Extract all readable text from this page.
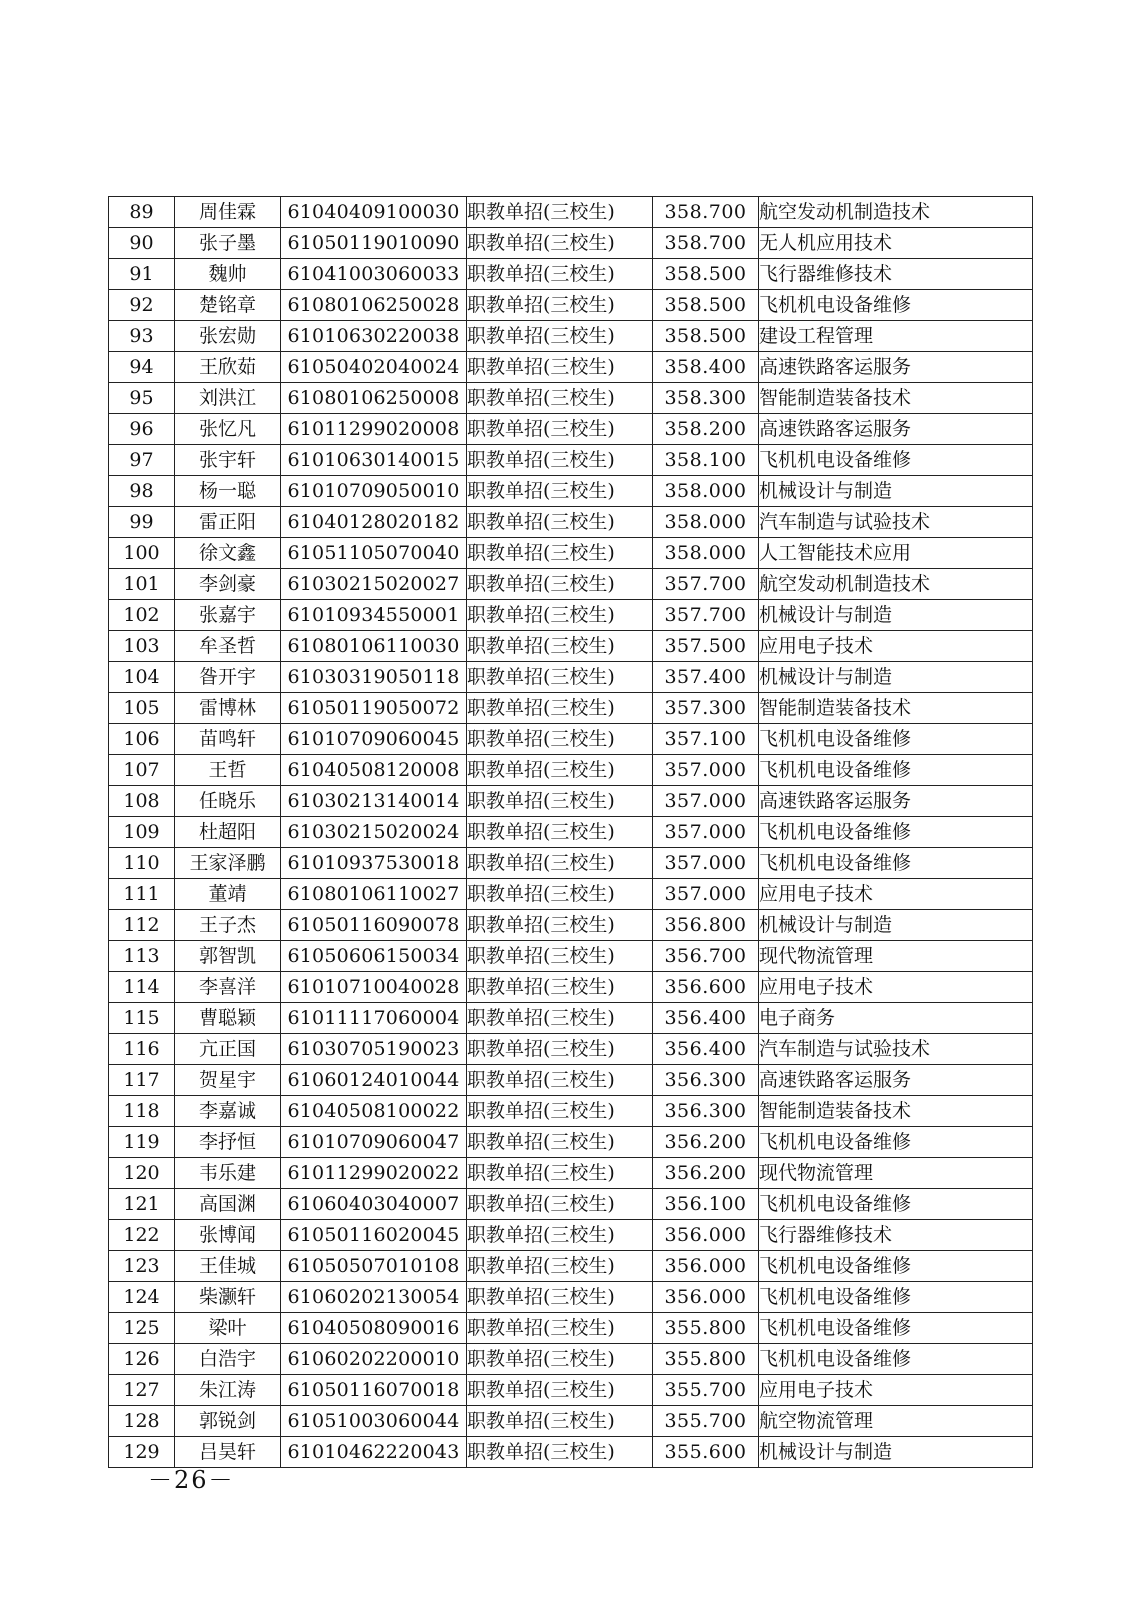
89	周佳霖	61040409100030	职教单招(三校生)	358.700	航空发动机制造技术
90	张子墨	61050119010090	职教单招(三校生)	358.700	无人机应用技术
91	魏帅	61041003060033	职教单招(三校生)	358.500	飞行器维修技术
92	楚铭章	61080106250028	职教单招(三校生)	358.500	飞机机电设备维修
93	张宏勋	61010630220038	职教单招(三校生)	358.500	建设工程管理
94	王欣茹	61050402040024	职教单招(三校生)	358.400	高速铁路客运服务
95	刘洪江	61080106250008	职教单招(三校生)	358.300	智能制造装备技术
96	张忆凡	61011299020008	职教单招(三校生)	358.200	高速铁路客运服务
97	张宇轩	61010630140015	职教单招(三校生)	358.100	飞机机电设备维修
98	杨一聪	61010709050010	职教单招(三校生)	358.000	机械设计与制造
99	雷正阳	61040128020182	职教单招(三校生)	358.000	汽车制造与试验技术
100	徐文鑫	61051105070040	职教单招(三校生)	358.000	人工智能技术应用
101	李剑豪	61030215020027	职教单招(三校生)	357.700	航空发动机制造技术
102	张嘉宇	61010934550001	职教单招(三校生)	357.700	机械设计与制造
103	牟圣哲	61080106110030	职教单招(三校生)	357.500	应用电子技术
104	昝开宇	61030319050118	职教单招(三校生)	357.400	机械设计与制造
105	雷博林	61050119050072	职教单招(三校生)	357.300	智能制造装备技术
106	苗鸣轩	61010709060045	职教单招(三校生)	357.100	飞机机电设备维修
107	王哲	61040508120008	职教单招(三校生)	357.000	飞机机电设备维修
108	任晓乐	61030213140014	职教单招(三校生)	357.000	高速铁路客运服务
109	杜超阳	61030215020024	职教单招(三校生)	357.000	飞机机电设备维修
110	王家泽鹏	61010937530018	职教单招(三校生)	357.000	飞机机电设备维修
111	董靖	61080106110027	职教单招(三校生)	357.000	应用电子技术
112	王子杰	61050116090078	职教单招(三校生)	356.800	机械设计与制造
113	郭智凯	61050606150034	职教单招(三校生)	356.700	现代物流管理
114	李喜洋	61010710040028	职教单招(三校生)	356.600	应用电子技术
115	曹聪颖	61011117060004	职教单招(三校生)	356.400	电子商务
116	亢正国	61030705190023	职教单招(三校生)	356.400	汽车制造与试验技术
117	贺星宇	61060124010044	职教单招(三校生)	356.300	高速铁路客运服务
118	李嘉诚	61040508100022	职教单招(三校生)	356.300	智能制造装备技术
119	李抒恒	61010709060047	职教单招(三校生)	356.200	飞机机电设备维修
120	韦乐建	61011299020022	职教单招(三校生)	356.200	现代物流管理
121	高国渊	61060403040007	职教单招(三校生)	356.100	飞机机电设备维修
122	张博闻	61050116020045	职教单招(三校生)	356.000	飞行器维修技术
123	王佳城	61050507010108	职教单招(三校生)	356.000	飞机机电设备维修
124	柴灏轩	61060202130054	职教单招(三校生)	356.000	飞机机电设备维修
125	梁叶	61040508090016	职教单招(三校生)	355.800	飞机机电设备维修
126	白浩宇	61060202200010	职教单招(三校生)	355.800	飞机机电设备维修
127	朱江涛	61050116070018	职教单招(三校生)	355.700	应用电子技术
128	郭锐剑	61051003060044	职教单招(三校生)	355.700	航空物流管理
129	吕昊轩	61010462220043	职教单招(三校生)	355.600	机械设计与制造
－26－
